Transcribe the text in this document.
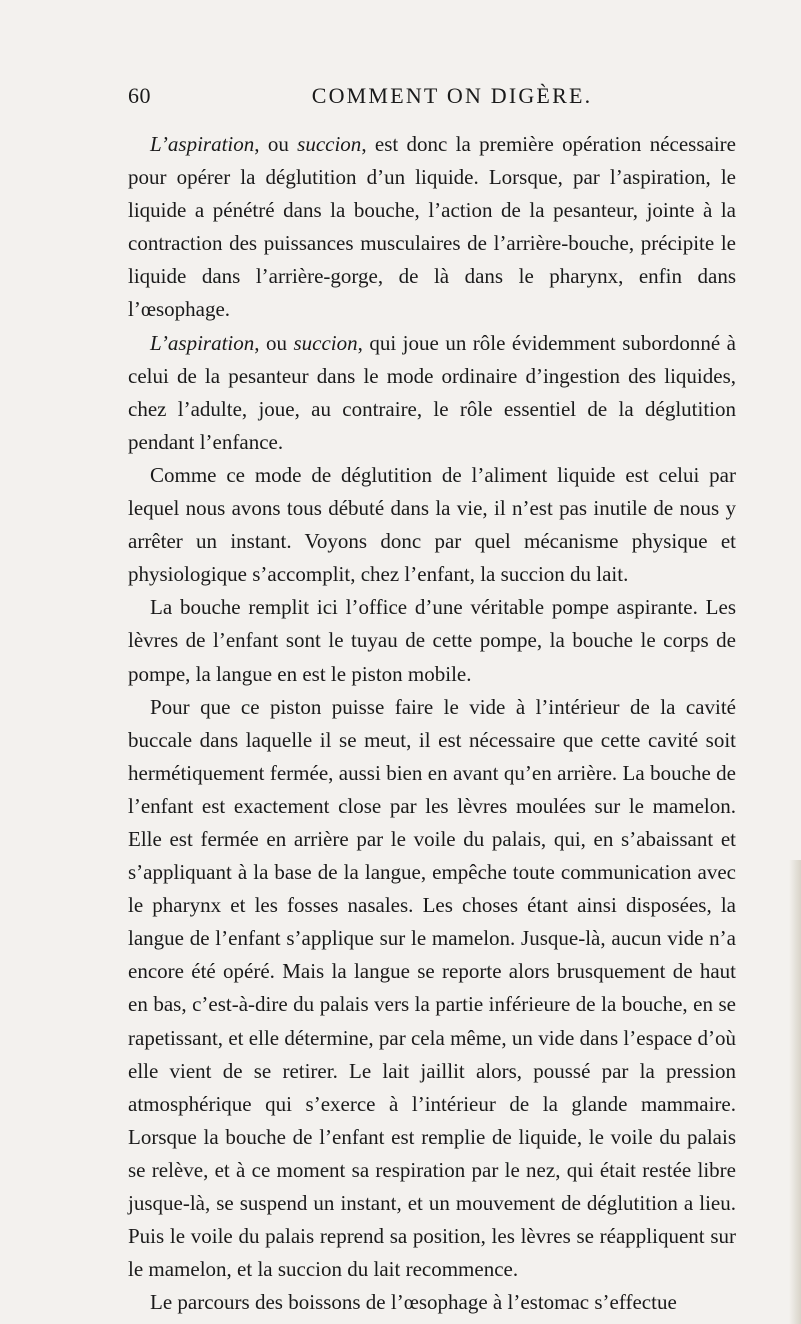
60	COMMENT ON DIGÈRE.

L’aspiration, ou succion, est donc la première opération nécessaire pour opérer la déglutition d’un liquide. Lorsque, par l’aspiration, le liquide a pénétré dans la bouche, l’action de la pesanteur, jointe à la contraction des puissances musculaires de l’arrière-bouche, précipite le liquide dans l’arrière-gorge, de là dans le pharynx, enfin dans l’œsophage.

L’aspiration, ou succion, qui joue un rôle évidemment subordonné à celui de la pesanteur dans le mode ordinaire d’ingestion des liquides, chez l’adulte, joue, au contraire, le rôle essentiel de la déglutition pendant l’enfance.

Comme ce mode de déglutition de l’aliment liquide est celui par lequel nous avons tous débuté dans la vie, il n’est pas inutile de nous y arrêter un instant. Voyons donc par quel mécanisme physique et physiologique s’accomplit, chez l’enfant, la succion du lait.

La bouche remplit ici l’office d’une véritable pompe aspirante. Les lèvres de l’enfant sont le tuyau de cette pompe, la bouche le corps de pompe, la langue en est le piston mobile.

Pour que ce piston puisse faire le vide à l’intérieur de la cavité buccale dans laquelle il se meut, il est nécessaire que cette cavité soit hermétiquement fermée, aussi bien en avant qu’en arrière. La bouche de l’enfant est exactement close par les lèvres moulées sur le mamelon. Elle est fermée en arrière par le voile du palais, qui, en s’abaissant et s’appliquant à la base de la langue, empêche toute communication avec le pharynx et les fosses nasales. Les choses étant ainsi disposées, la langue de l’enfant s’applique sur le mamelon. Jusque-là, aucun vide n’a encore été opéré. Mais la langue se reporte alors brusquement de haut en bas, c’est-à-dire du palais vers la partie inférieure de la bouche, en se rapetissant, et elle détermine, par cela même, un vide dans l’espace d’où elle vient de se retirer. Le lait jaillit alors, poussé par la pression atmosphérique qui s’exerce à l’intérieur de la glande mammaire. Lorsque la bouche de l’enfant est remplie de liquide, le voile du palais se relève, et à ce moment sa respiration par le nez, qui était restée libre jusque-là, se suspend un instant, et un mouvement de déglutition a lieu. Puis le voile du palais reprend sa position, les lèvres se réappliquent sur le mamelon, et la succion du lait recommence.

Le parcours des boissons de l’œsophage à l’estomac s’effectue
